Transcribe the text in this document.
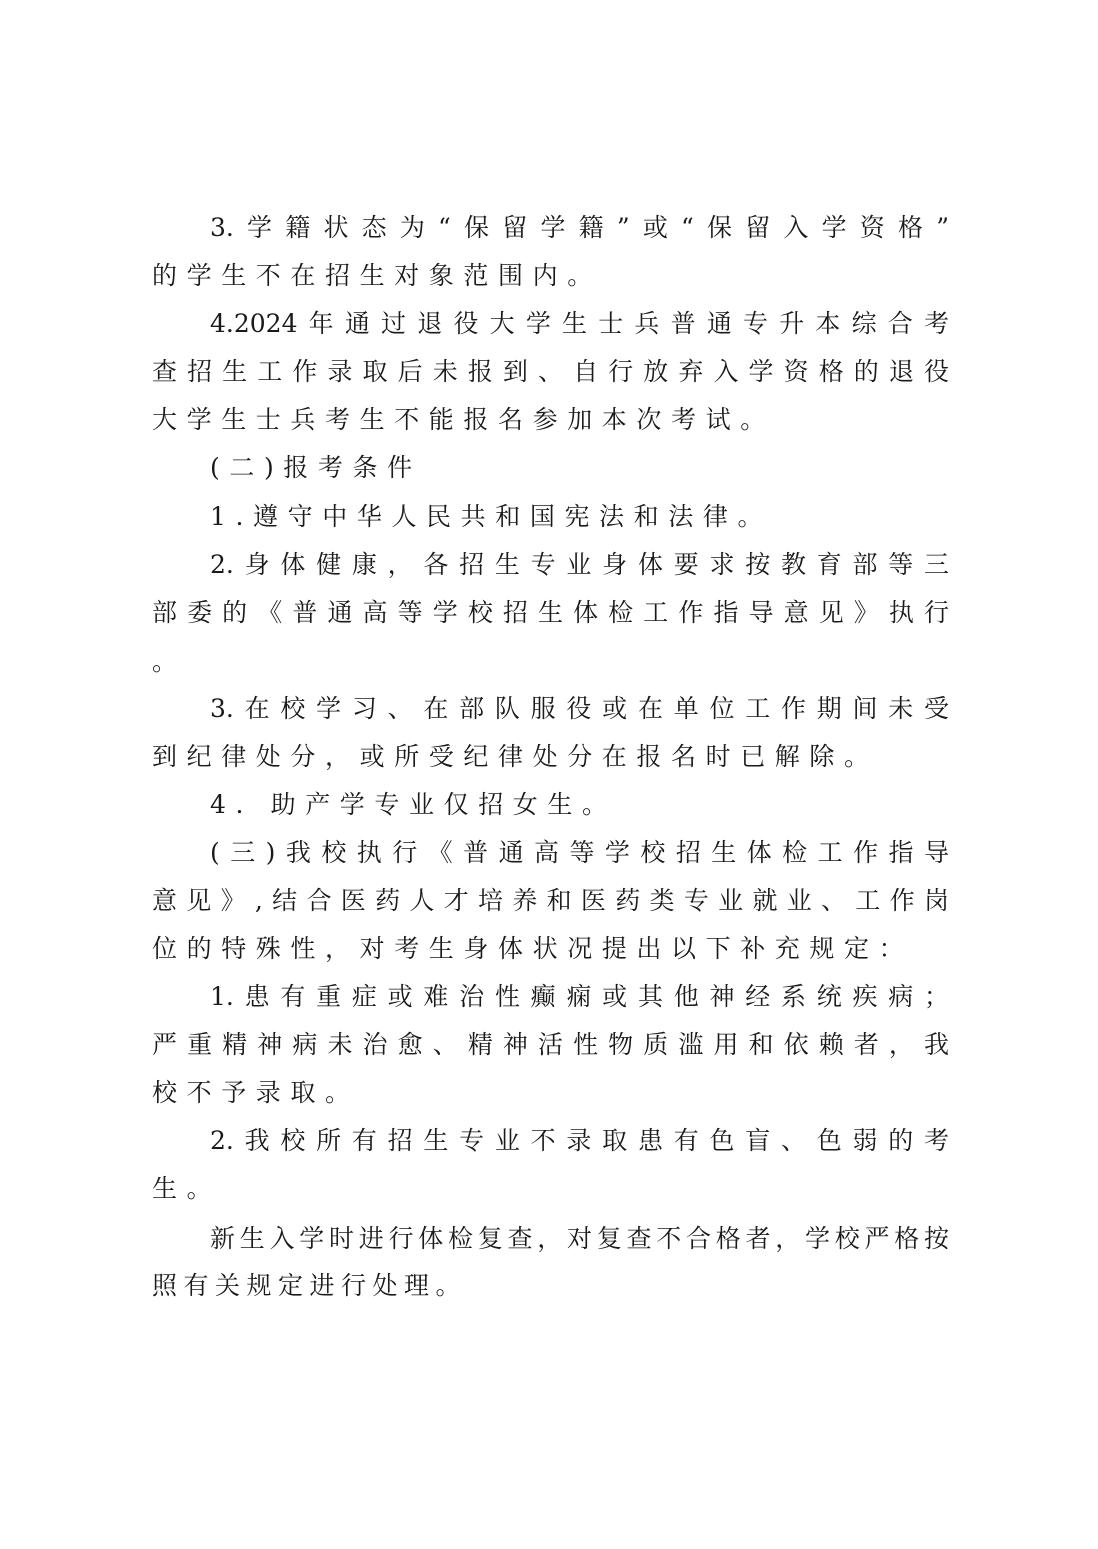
3.学籍状态为“保留学籍”或“保留入学资格”
的学生不在招生对象范围内。
4.2024年通过退役大学生士兵普通专升本综合考
查招生工作录取后未报到、自行放弃入学资格的退役
大学生士兵考生不能报名参加本次考试。
(二)报考条件
1.遵守中华人民共和国宪法和法律。
2.身体健康，各招生专业身体要求按教育部等三
部委的《普通高等学校招生体检工作指导意见》执行
。
3.在校学习、在部队服役或在单位工作期间未受
到纪律处分，或所受纪律处分在报名时已解除。
4. 助产学专业仅招女生。
(三)我校执行《普通高等学校招生体检工作指导
意见》,结合医药人才培养和医药类专业就业、工作岗
位的特殊性，对考生身体状况提出以下补充规定：
1.患有重症或难治性癫痫或其他神经系统疾病；
严重精神病未治愈、精神活性物质滥用和依赖者，我
校不予录取。
2.我校所有招生专业不录取患有色盲、色弱的考
生。
新生入学时进行体检复查，对复查不合格者，学校严格按
照有关规定进行处理。
